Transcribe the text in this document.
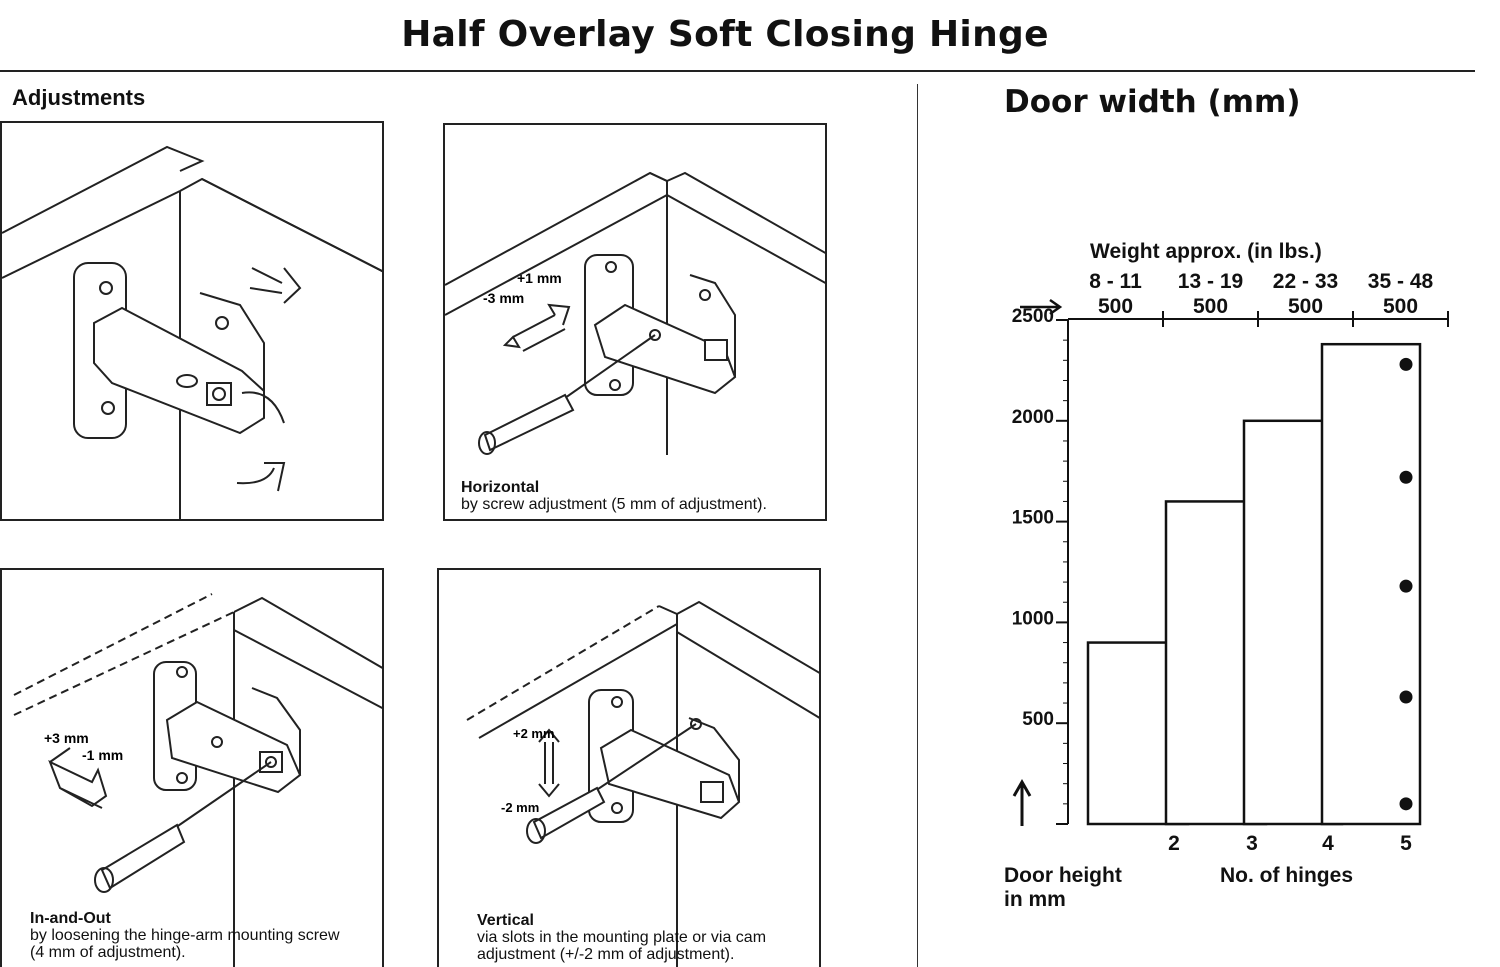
Half Overlay Soft Closing Hinge
Adjustments
+1 mm
-3 mm
Horizontal
by screw adjustment (5 mm of adjustment).
+3 mm
-1 mm
In-and-Out
by loosening the hinge-arm mounting screw
(4 mm of adjustment).
+2 mm
-2 mm
Vertical
via slots in the mounting plate or via cam
adjustment (+/-2 mm of adjustment).
Door width (mm)
500
1000
1500
2000
2500
Weight approx. (in lbs.)
8 - 11
500
13 - 19
500
22 - 33
500
35 - 48
500
2	3	4	5
Door height
in mm
No. of hinges
